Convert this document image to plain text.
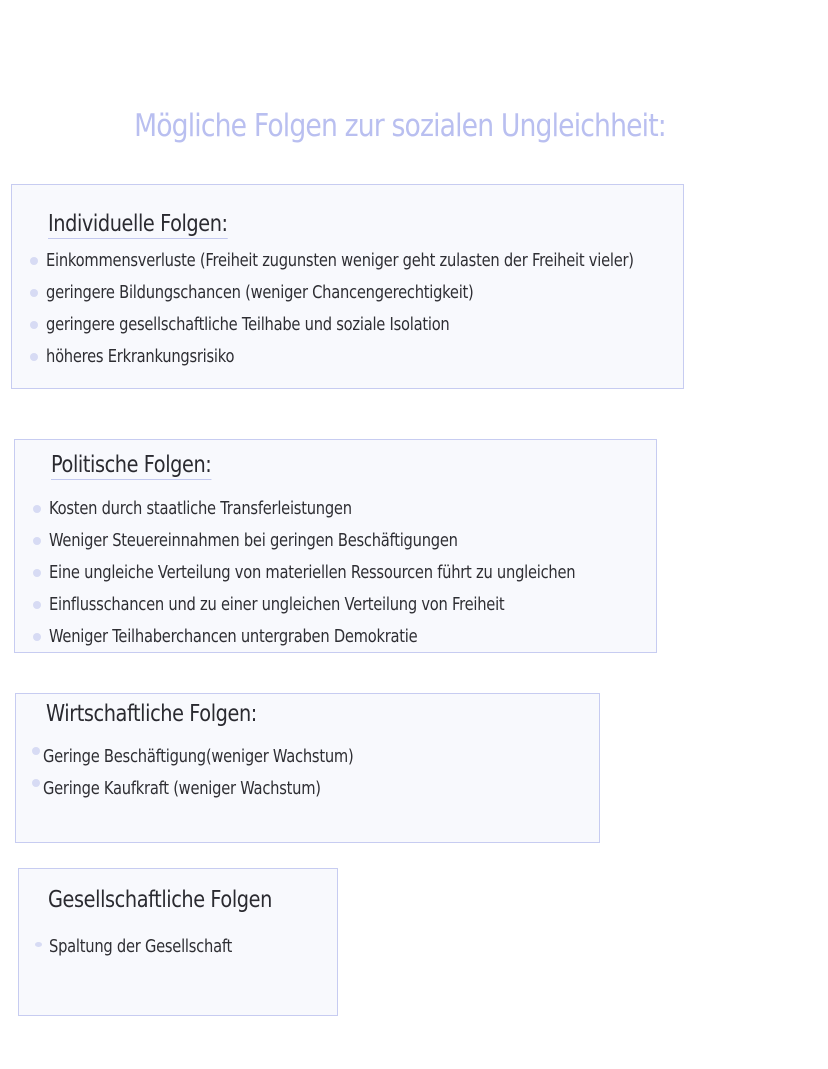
Mögliche Folgen zur sozialen Ungleichheit:
Individuelle Folgen:
Einkommensverluste (Freiheit zugunsten weniger geht zulasten der Freiheit vieler)
geringere Bildungschancen (weniger Chancengerechtigkeit)
geringere gesellschaftliche Teilhabe und soziale Isolation
höheres Erkrankungsrisiko
Politische Folgen:
Kosten durch staatliche Transferleistungen
Weniger Steuereinnahmen bei geringen Beschäftigungen
Eine ungleiche Verteilung von materiellen Ressourcen führt zu ungleichen
Einflusschancen und zu einer ungleichen Verteilung von Freiheit
Weniger Teilhaberchancen untergraben Demokratie
Wirtschaftliche Folgen:
Geringe Beschäftigung(weniger Wachstum)
Geringe Kaufkraft (weniger Wachstum)
Gesellschaftliche Folgen
Spaltung der Gesellschaft
